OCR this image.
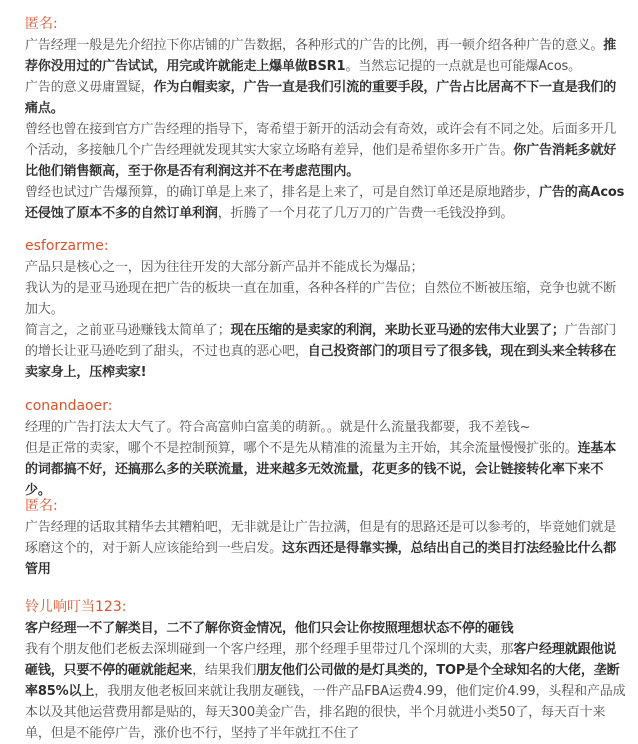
匿名:

广告经理一般是先介绍拉下你店铺的广告数据，各种形式的广告的比例，再一顿介绍各种广告的意义。推荐你没用过的广告试试，用完或许就能走上爆单做BSR1。当然忘记提的一点就是也可能爆Acos。

广告的意义毋庸置疑，作为白帽卖家，广告一直是我们引流的重要手段，广告占比居高不下一直是我们的痛点。

曾经也曾在接到官方广告经理的指导下，寄希望于新开的活动会有奇效，或许会有不同之处。后面多开几个活动，多接触几个广告经理就发现其实大家立场略有差异，他们是希望你多开广告。你广告消耗多就好比他们销售额高，至于你是否有利润这并不在考虑范围内。

曾经也试过广告爆预算，的确订单是上来了，排名是上来了，可是自然订单还是原地踏步，广告的高Acos还侵蚀了原本不多的自然订单利润，折腾了一个月花了几万刀的广告费一毛钱没挣到。

esforzarme:

产品只是核心之一，因为往往开发的大部分新产品并不能成长为爆品；

我认为的是亚马逊现在把广告的板块一直在加重，各种各样的广告位；自然位不断被压缩，竞争也就不断加大。

简言之，之前亚马逊赚钱太简单了；现在压缩的是卖家的利润，来助长亚马逊的宏伟大业罢了；广告部门的增长让亚马逊吃到了甜头，不过也真的恶心吧，自己投资部门的项目亏了很多钱，现在到头来全转移在卖家身上，压榨卖家!

conandaoer:

经理的广告打法太大气了。符合高富帅白富美的萌新。。就是什么流量我都要，我不差钱~

但是正常的卖家，哪个不是控制预算，哪个不是先从精准的流量为主开始，其余流量慢慢扩张的。连基本的词都搞不好，还搞那么多的关联流量，进来越多无效流量，花更多的钱不说，会让链接转化率下来不少。

匿名:

广告经理的话取其精华去其糟粕吧，无非就是让广告拉满，但是有的思路还是可以参考的，毕竟她们就是琢磨这个的，对于新人应该能给到一些启发。这东西还是得靠实操，总结出自己的类目打法经验比什么都管用

铃儿响叮当123:

客户经理一不了解类目，二不了解你资金情况，他们只会让你按照理想状态不停的砸钱

我有个朋友他们老板去深圳碰到一个客户经理，那个经理手里带过几个深圳的大卖，那客户经理就跟他说砸钱，只要不停的砸就能起来，结果我们朋友他们公司做的是灯具类的，TOP是个全球知名的大佬，垄断率85%以上，我朋友他老板回来就让我朋友砸钱，一件产品FBA运费4.99，他们定价4.99，头程和产品成本以及其他运营费用都是贴的，每天300美金广告，排名跑的很快，半个月就进小类50了，每天百十来单，但是不能停广告，涨价也不行，坚持了半年就扛不住了
